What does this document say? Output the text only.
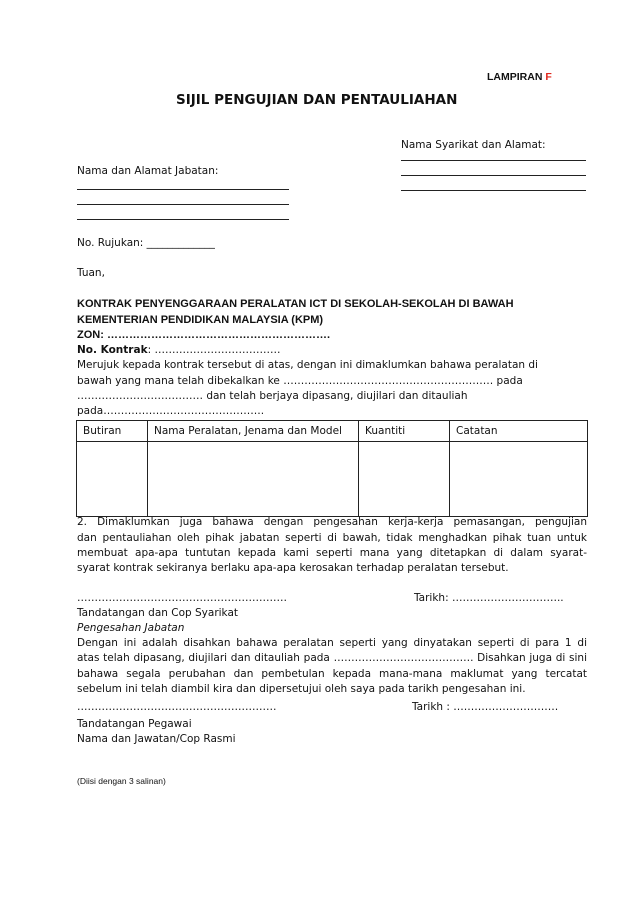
LAMPIRAN F
SIJIL PENGUJIAN DAN PENTAULIAHAN
Nama Syarikat dan Alamat:
Nama dan Alamat Jabatan:
No. Rujukan: _____________
Tuan,
KONTRAK PENYENGGARAAN PERALATAN ICT DI SEKOLAH-SEKOLAH DI BAWAH
KEMENTERIAN PENDIDIKAN MALAYSIA (KPM)
ZON: …………………………………………………….
No. Kontrak: ………………………………
Merujuk kepada kontrak tersebut di atas, dengan ini dimaklumkan bahawa peralatan di
bawah yang mana telah dibekalkan ke …………………………………………………… pada
……………………………… dan telah berjaya dipasang, diujilari dan ditauliah
pada……………………………………….
Butiran	Nama Peralatan, Jenama dan Model	Kuantiti	Catatan

2. Dimaklumkan juga bahawa dengan pengesahan kerja-kerja pemasangan, pengujian
dan pentauliahan oleh pihak jabatan seperti di bawah, tidak menghadkan pihak tuan untuk
membuat apa-apa tuntutan kepada kami seperti mana yang ditetapkan di dalam syarat-
syarat kontrak sekiranya berlaku apa-apa kerosakan terhadap peralatan tersebut.
……………………………………………………	Tarikh: …………………………..
Tandatangan dan Cop Syarikat
Pengesahan Jabatan
Dengan ini adalah disahkan bahawa peralatan seperti yang dinyatakan seperti di para 1 di
atas telah dipasang, diujilari dan ditauliah pada …………………………………. Disahkan juga di sini
bahawa segala perubahan dan pembetulan kepada mana-mana maklumat yang tercatat
sebelum ini telah diambil kira dan dipersetujui oleh saya pada tarikh pengesahan ini.
…………………………………………………	Tarikh : …………………………
Tandatangan Pegawai
Nama dan Jawatan/Cop Rasmi
(Diisi dengan 3 salinan)
